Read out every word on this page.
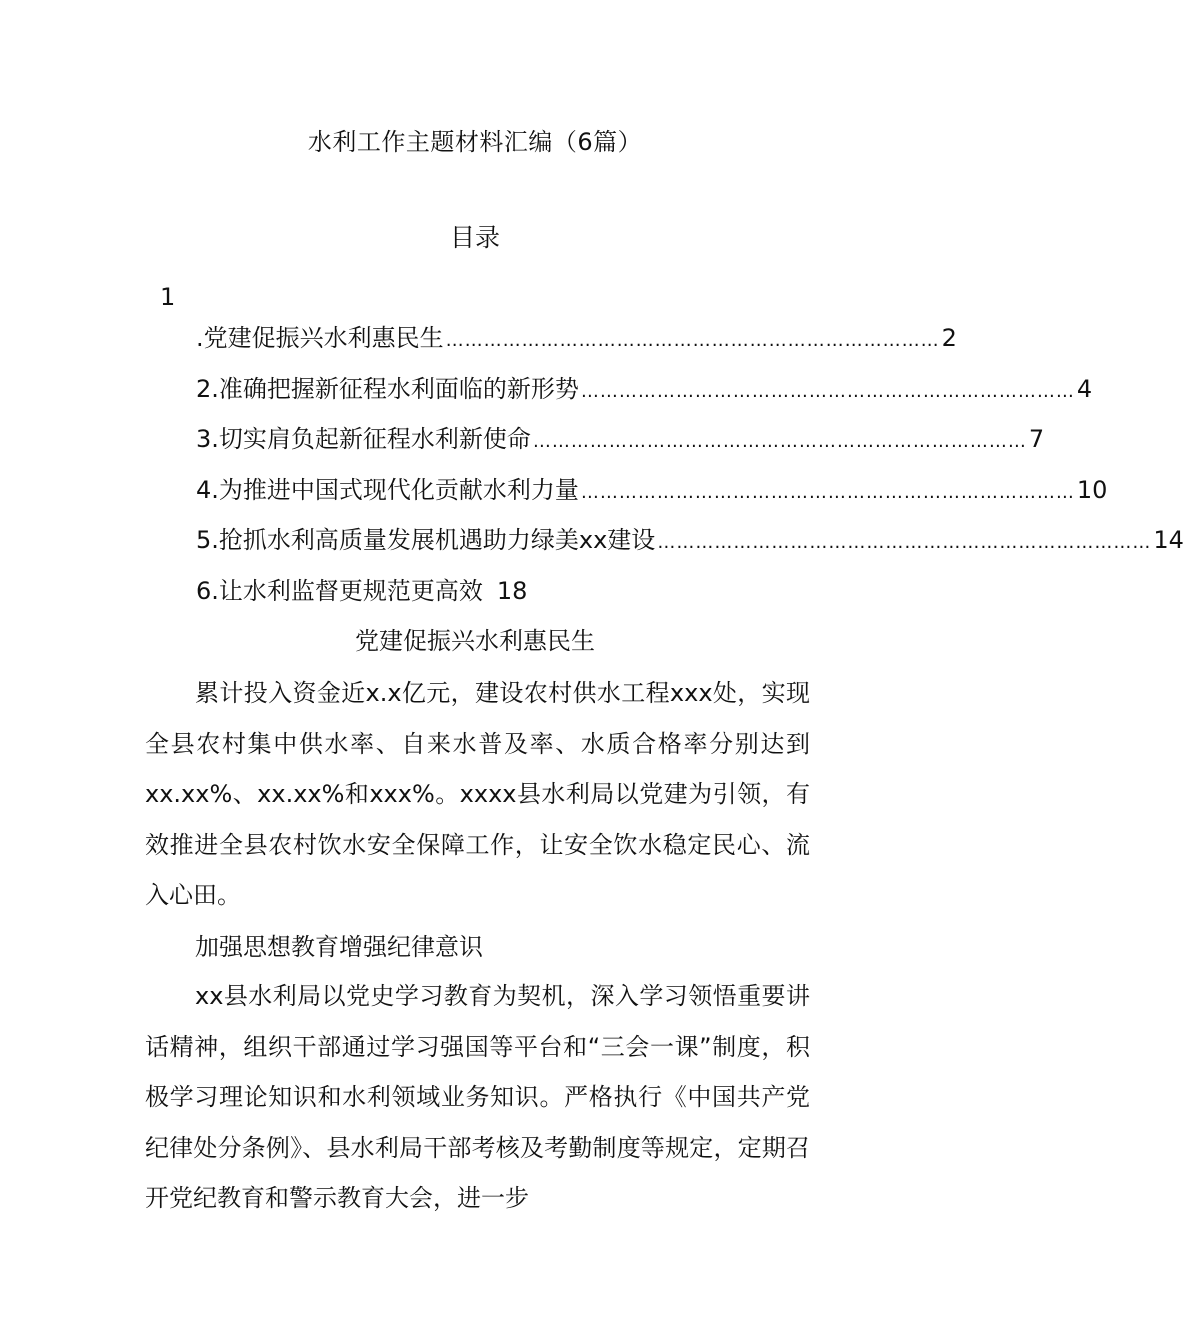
水利工作主题材料汇编（6篇）
目录
1
.党建促振兴水利惠民生 …………………………………………………………………… 2
2.准确把握新征程水利面临的新形势 …………………………………………………………………… 4
3.切实肩负起新征程水利新使命 …………………………………………………………………… 7
4.为推进中国式现代化贡献水利力量 …………………………………………………………………… 10
5.抢抓水利高质量发展机遇助力绿美xx建设 …………………………………………………………………… 14
6.让水利监督更规范更高效 18
党建促振兴水利惠民生

累计投入资金近x.x亿元，建设农村供水工程xxx处，实现全县农村集中供水率、自来水普及率、水质合格率分别达到xx.xx%、xx.xx%和xxx%。xxxx县水利局以党建为引领，有效推进全县农村饮水安全保障工作，让安全饮水稳定民心、流入心田。

加强思想教育增强纪律意识

xx县水利局以党史学习教育为契机，深入学习领悟重要讲话精神，组织干部通过学习强国等平台和“三会一课”制度，积极学习理论知识和水利领域业务知识。严格执行《中国共产党纪律处分条例》、县水利局干部考核及考勤制度等规定，定期召开党纪教育和警示教育大会，进一步
